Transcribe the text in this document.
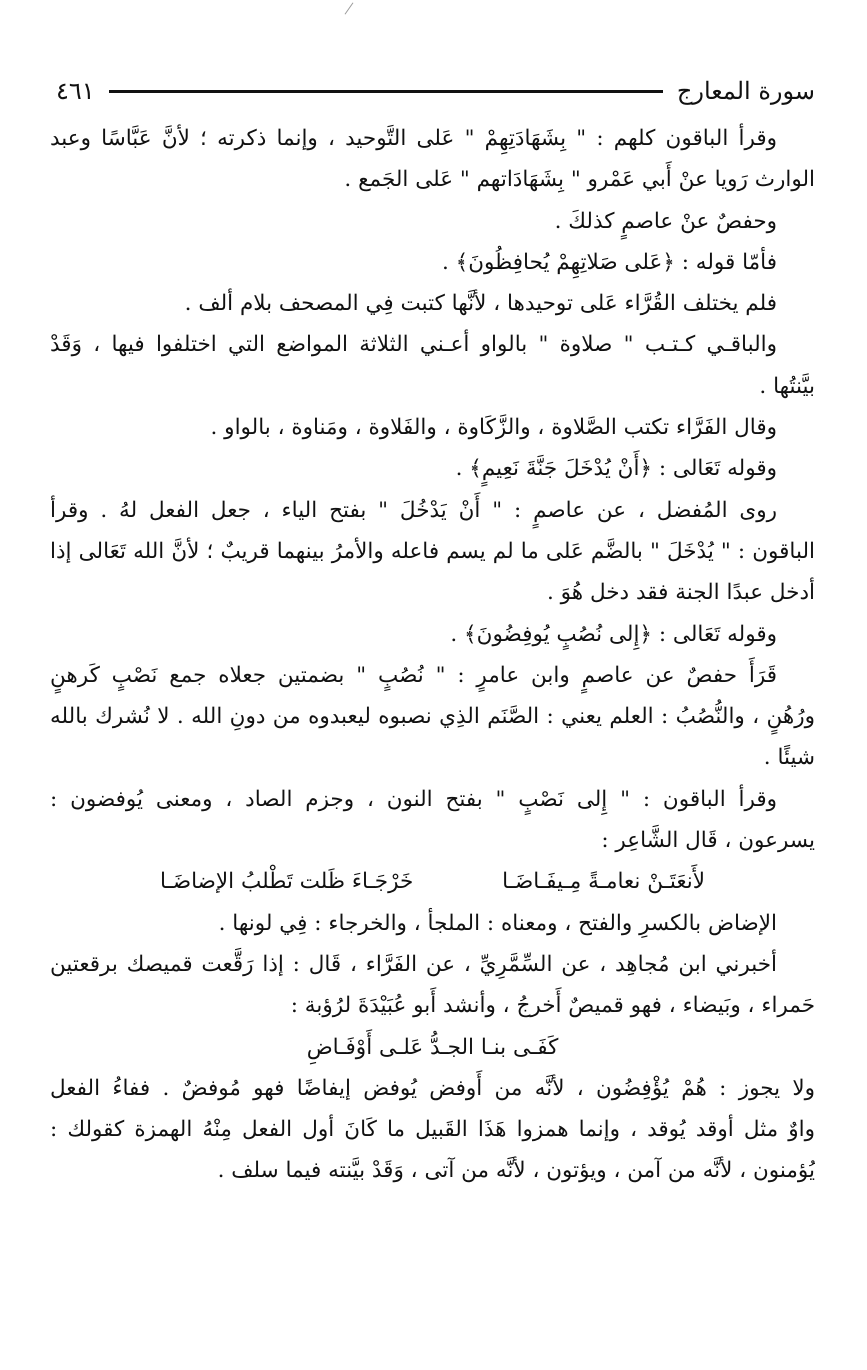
٤٦١	سورة المعارج
وقرأ الباقون كلهم : " بِشَهَادَتِهِمْ " عَلى التَّوحيد ، وإنما ذكرته ؛ لأنَّ عَبَّاسًا وعبد
الوارث رَويا عنْ أَبي عَمْرو " بِشَهَادَاتهم " عَلى الجَمع .
وحفصٌ عنْ عاصمٍ كذلكَ .
فأمّا قوله : ﴿عَلى صَلاتِهِمْ يُحافِظُونَ﴾ .
فلم يختلف القُرَّاء عَلى توحيدها ، لأنَّها كتبت فِي المصحف بلام ألف .
والباقـي كـتـب " صلاوة " بالواو أعـني الثلاثة المواضع التي اختلفوا فيها ، وَقَدْ
بيَّنتُها .
وقال الفَرَّاء تكتب الصَّلاوة ، والزَّكَاوة ، والفَلاوة ، ومَناوة ، بالواو .
وقوله تَعَالى : ﴿أَنْ يُدْخَلَ جَنَّةَ نَعِيمٍ﴾ .
روى المُفضل ، عن عاصمٍ : " أَنْ يَدْخُلَ " بفتح الياء ، جعل الفعل لهُ . وقرأ
الباقون : " يُدْخَلَ " بالضَّم عَلى ما لم يسم فاعله والأمرُ بينهما قريبٌ ؛ لأنَّ الله تَعَالى إذا
أدخل عبدًا الجنة فقد دخل هُوَ .
وقوله تَعَالى : ﴿إِلى نُصُبٍ يُوفِضُونَ﴾ .
قَرَأَ حفصٌ عن عاصمٍ وابن عامرٍ : " نُصُبٍ " بضمتين جعلاه جمع نَصْبٍ كَرهنٍ
ورُهُنٍ ، والنُّصُبُ : العلم يعني : الصَّنَم الذِي نصبوه ليعبدوه من دونِ الله . لا نُشرك بالله
شيئًا .
وقرأ الباقون : " إِلى نَصْبٍ " بفتح النون ، وجزم الصاد ، ومعنى يُوفضون :
يسرعون ، قَال الشَّاعِر :
لأَنعَتَـنْ نعامـةً مِـيفَـاضَـا
خَرْجَـاءَ ظَلت تَطْلبُ الإضاضَـا
الإضاض بالكسرِ والفتح ، ومعناه : الملجأ ، والخرجاء : فِي لونها .
أخبرني ابن مُجاهِد ، عن السِّمَّرِيِّ ، عن الفَرَّاء ، قَال : إذا رَقَّعت قميصك برقعتين
حَمراء ، وبَيضاء ، فهو قميصٌ أَخرجُ ، وأنشد أَبو عُبَيْدَةَ لرُؤبة :
كَفَـى بنـا الجـدُّ عَلـى أَوْفَـاضِ
ولا يجوز : هُمْ يُؤْفِضُون ، لأنَّه من أَوفض يُوفض إيفاضًا فهو مُوفضٌ . ففاءُ الفعل
واوٌ مثل أوقد يُوقد ، وإنما همزوا هَذَا القَبيل ما كَانَ أول الفعل مِنْهُ الهمزة كقولك :
يُؤمنون ، لأنَّه من آمن ، ويؤتون ، لأنَّه من آتى ، وَقَدْ بيَّنته فيما سلف .
